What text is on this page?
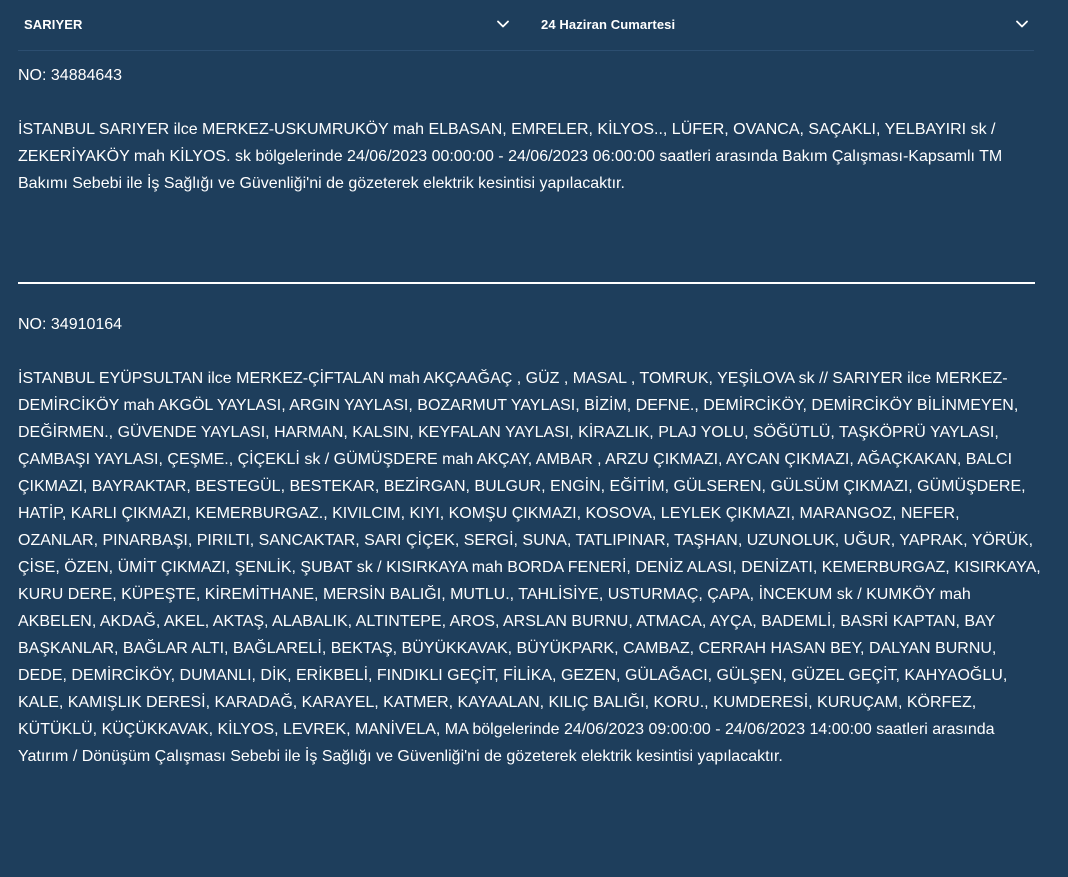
SARIYER	24 Haziran Cumartesi

NO: 34884643

İSTANBUL SARIYER ilce MERKEZ-USKUMRUKÖY mah ELBASAN, EMRELER, KİLYOS.., LÜFER, OVANCA, SAÇAKLI, YELBAYIRI sk / ZEKERİYAKÖY mah KİLYOS. sk bölgelerinde 24/06/2023 00:00:00 - 24/06/2023 06:00:00 saatleri arasında Bakım Çalışması-Kapsamlı TM Bakımı Sebebi ile İş Sağlığı ve Güvenliği'ni de gözeterek elektrik kesintisi yapılacaktır.

NO: 34910164

İSTANBUL EYÜPSULTAN ilce MERKEZ-ÇİFTALAN mah AKÇAAĞAÇ , GÜZ , MASAL , TOMRUK, YEŞİLOVA sk // SARIYER ilce MERKEZ-DEMİRCİKÖY mah AKGÖL YAYLASI, ARGIN YAYLASI, BOZARMUT YAYLASI, BİZİM, DEFNE., DEMİRCİKÖY, DEMİRCİKÖY BİLİNMEYEN, DEĞİRMEN., GÜVENDE YAYLASI, HARMAN, KALSIN, KEYFALAN YAYLASI, KİRAZLIK, PLAJ YOLU, SÖĞÜTLÜ, TAŞKÖPRÜ YAYLASI, ÇAMBAŞI YAYLASI, ÇEŞME., ÇİÇEKLİ sk / GÜMÜŞDERE mah AKÇAY, AMBAR , ARZU ÇIKMAZI, AYCAN ÇIKMAZI, AĞAÇKAKAN, BALCI ÇIKMAZI, BAYRAKTAR, BESTEGÜL, BESTEKAR, BEZİRGAN, BULGUR, ENGİN, EĞİTİM, GÜLSEREN, GÜLSÜM ÇIKMAZI, GÜMÜŞDERE, HATİP, KARLI ÇIKMAZI, KEMERBURGAZ., KIVILCIM, KIYI, KOMŞU ÇIKMAZI, KOSOVA, LEYLEK ÇIKMAZI, MARANGOZ, NEFER, OZANLAR, PINARBAŞI, PIRILTI, SANCAKTAR, SARI ÇİÇEK, SERGİ, SUNA, TATLIPINAR, TAŞHAN, UZUNOLUK, UĞUR, YAPRAK, YÖRÜK, ÇİSE, ÖZEN, ÜMİT ÇIKMAZI, ŞENLİK, ŞUBAT sk / KISIRKAYA mah BORDA FENERİ, DENİZ ALASI, DENİZATI, KEMERBURGAZ, KISIRKAYA, KURU DERE, KÜPEŞTE, KİREMİTHANE, MERSİN BALIĞI, MUTLU., TAHLİSİYE, USTURMAÇ, ÇAPA, İNCEKUM sk / KUMKÖY mah AKBELEN, AKDAĞ, AKEL, AKTAŞ, ALABALIK, ALTINTEPE, AROS, ARSLAN BURNU, ATMACA, AYÇA, BADEMLİ, BASRİ KAPTAN, BAY BAŞKANLAR, BAĞLAR ALTI, BAĞLARELİ, BEKTAŞ, BÜYÜKKAVAK, BÜYÜKPARK, CAMBAZ, CERRAH HASAN BEY, DALYAN BURNU, DEDE, DEMİRCİKÖY, DUMANLI, DİK, ERİKBELİ, FINDIKLI GEÇİT, FİLİKA, GEZEN, GÜLAĞACI, GÜLŞEN, GÜZEL GEÇİT, KAHYAOĞLU, KALE, KAMIŞLIK DERESİ, KARADAĞ, KARAYEL, KATMER, KAYAALAN, KILIÇ BALIĞI, KORU., KUMDERESİ, KURUÇAM, KÖRFEZ, KÜTÜKLÜ, KÜÇÜKKAVAK, KİLYOS, LEVREK, MANİVELA, MA bölgelerinde 24/06/2023 09:00:00 - 24/06/2023 14:00:00 saatleri arasında Yatırım / Dönüşüm Çalışması Sebebi ile İş Sağlığı ve Güvenliği'ni de gözeterek elektrik kesintisi yapılacaktır.
